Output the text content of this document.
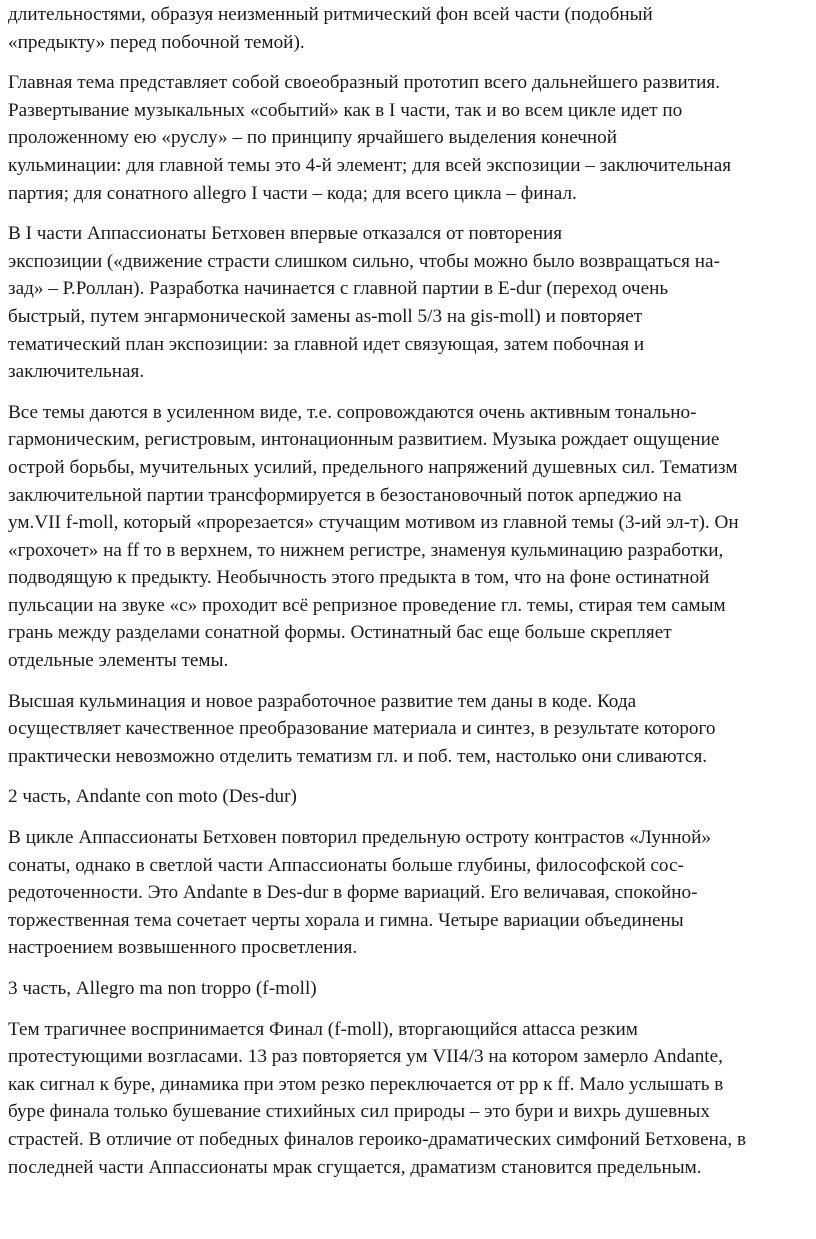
длительностями, образуя неизменный ритмический фон всей части (подобный
«предыкту» перед побочной темой).

Главная тема представляет собой своеобразный прототип всего дальнейшего развития.
Развертывание музыкальных «событий» как в I части, так и во всем цикле идет по
проложенному ею «руслу» – по принципу ярчайшего выделения конечной
кульминации: для главной темы это 4-й элемент; для всей экспозиции – заключительная
партия; для сонатного allegro I части – кода; для всего цикла – финал.

В I части Аппассионаты Бетховен впервые отказался от повторения
экспозиции («движение страсти слишком сильно, чтобы можно было возвращаться на-
зад» – Р.Роллан). Разработка начинается с главной партии в E-dur (переход очень
быстрый, путем энгармонической замены as-moll 5/3 на gis-moll) и повторяет
тематический план экспозиции: за главной идет связующая, затем побочная и
заключительная.

Все темы даются в усиленном виде, т.е. сопровождаются очень активным тонально-
гармоническим, регистровым, интонационным развитием. Музыка рождает ощущение
острой борьбы, мучительных усилий, предельного напряжений душевных сил. Тематизм
заключительной партии трансформируется в безостановочный поток арпеджио на
ум.VII f-moll, который «прорезается» стучащим мотивом из главной темы (3-ий эл-т). Он
«грохочет» на ff то в верхнем, то нижнем регистре, знаменуя кульминацию разработки,
подводящую к предыкту. Необычность этого предыкта в том, что на фоне остинатной
пульсации на звуке «с» проходит всё репризное проведение гл. темы, стирая тем самым
грань между разделами сонатной формы. Остинатный бас еще больше скрепляет
отдельные элементы темы.

Высшая кульминация и новое разработочное развитие тем даны в коде. Кода
осуществляет качественное преобразование материала и синтез, в результате которого
практически невозможно отделить тематизм гл. и поб. тем, настолько они сливаются.

2 часть, Andante con moto (Des-dur)

В цикле Аппассионаты Бетховен повторил предельную остроту контрастов «Лунной»
сонаты, однако в светлой части Аппассионаты больше глубины, философской сос-
редоточенности. Это Andante в Des-dur в форме вариаций. Его величавая, спокойно-
торжественная тема сочетает черты хорала и гимна. Четыре вариации объединены
настроением возвышенного просветления.

3 часть, Allegro ma non troppo (f-moll)

Тем трагичнее воспринимается Финал (f-moll), вторгающийся attacca резким
протестующими возгласами. 13 раз повторяется ум VII4/3 на котором замерло Andante,
как сигнал к буре, динамика при этом резко переключается от pp к ff. Мало услышать в
буре финала только бушевание стихийных сил природы – это бури и вихрь душевных
страстей. В отличие от победных финалов героико-драматических симфоний Бетховена, в
последней части Аппассионаты мрак сгущается, драматизм становится предельным.
